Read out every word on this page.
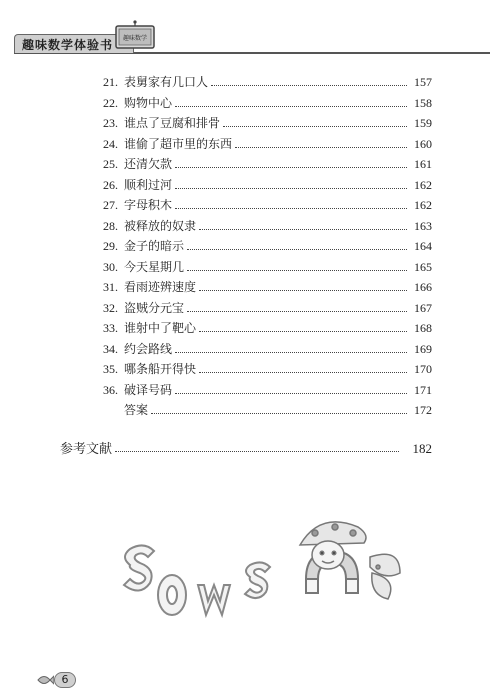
趣味数学体验书 趣味数学
21. 表舅家有几口人	157
22. 购物中心	158
23. 谁点了豆腐和排骨	159
24. 谁偷了超市里的东西	160
25. 还清欠款	161
26. 顺利过河	162
27. 字母积木	162
28. 被释放的奴隶	163
29. 金子的暗示	164
30. 今天星期几	165
31. 看雨迹辨速度	166
32. 盗贼分元宝	167
33. 谁射中了靶心	168
34. 约会路线	169
35. 哪条船开得快	170
36. 破译号码	171
答案	172
参考文献	182
6
